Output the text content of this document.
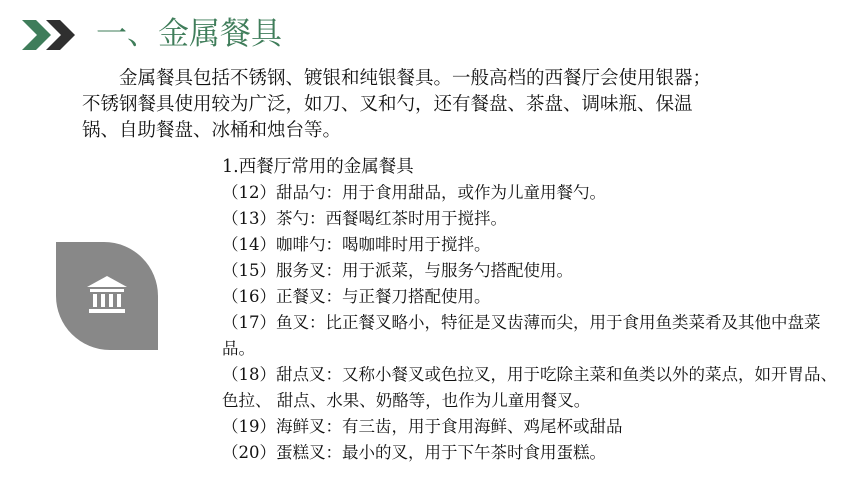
一、金属餐具
金属餐具包括不锈钢、镀银和纯银餐具。一般高档的西餐厅会使用银器；
不锈钢餐具使用较为广泛，如刀、叉和勺，还有餐盘、茶盘、调味瓶、保温
锅、自助餐盘、冰桶和烛台等。
1.西餐厅常用的金属餐具
（12）甜品勺：用于食用甜品，或作为儿童用餐勺。
（13）茶勺：西餐喝红茶时用于搅拌。
（14）咖啡勺：喝咖啡时用于搅拌。
（15）服务叉：用于派菜，与服务勺搭配使用。
（16）正餐叉：与正餐刀搭配使用。
（17）鱼叉：比正餐叉略小，特征是叉齿薄而尖，用于食用鱼类菜肴及其他中盘菜品。
（18）甜点叉：又称小餐叉或色拉叉，用于吃除主菜和鱼类以外的菜点，如开胃品、色拉、 甜点、水果、奶酪等，也作为儿童用餐叉。
（19）海鲜叉：有三齿，用于食用海鲜、鸡尾杯或甜品
（20）蛋糕叉：最小的叉，用于下午茶时食用蛋糕。
